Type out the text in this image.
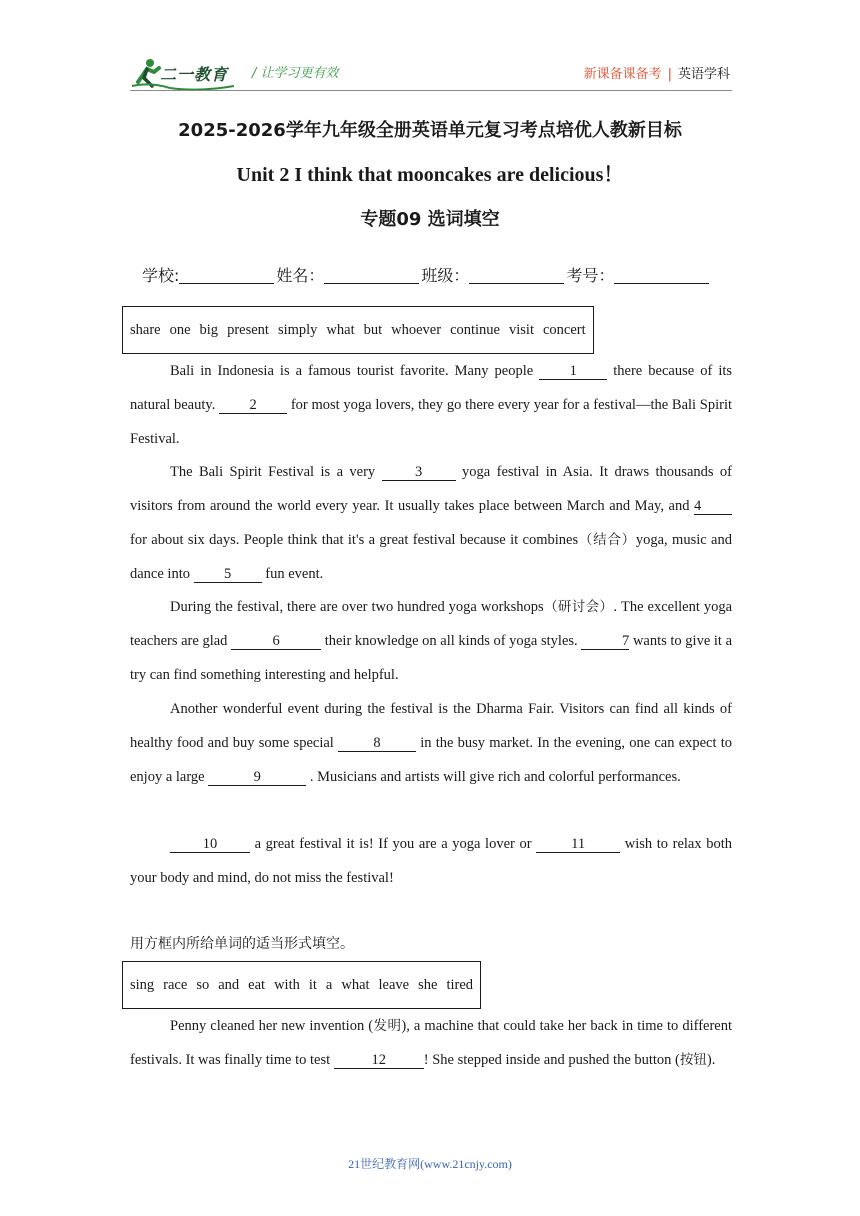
二一教育 / 让学习更有效	新课备课备考 | 英语学科
2025-2026学年九年级全册英语单元复习考点培优人教新目标
Unit 2 I think that mooncakes are delicious！
专题09 选词填空
学校:	姓名：	班级：	考号：
share one big present simply what but whoever continue visit concert
Bali in Indonesia is a famous tourist favorite. Many people	1	there because of its natural beauty. 2 for most yoga lovers, they go there every year for a festival—the Bali Spirit Festival.
The Bali Spirit Festival is a very	3	yoga festival in Asia. It draws thousands of visitors from around the world every year. It usually takes place between March and May, and 4 for about six days. People think that it's a great festival because it combines（结合）yoga, music and dance into 5 fun event.
During the festival, there are over two hundred yoga workshops（研讨会）. The excellent yoga teachers are glad	6	their knowledge on all kinds of yoga styles.	7 wants to give it a try can find something interesting and helpful.
Another wonderful event during the festival is the Dharma Fair. Visitors can find all kinds of healthy food and buy some special	8	in the busy market. In the evening, one can expect to enjoy a large	9	. Musicians and artists will give rich and colorful performances.
10	a great festival it is! If you are a yoga lover or	11	wish to relax both your body and mind, do not miss the festival!
用方框内所给单词的适当形式填空。
sing race so and eat with it a what leave she tired
Penny cleaned her new invention (发明), a machine that could take her back in time to different festivals. It was finally time to test	12	! She stepped inside and pushed the button (按钮).
21世纪教育网(www.21cnjy.com)
